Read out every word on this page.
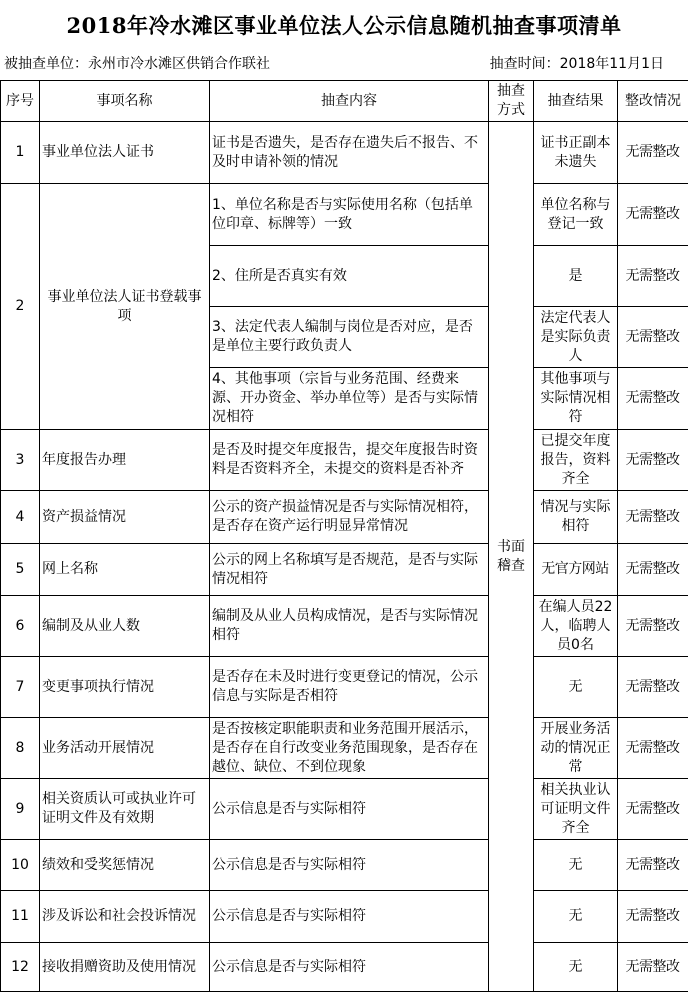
2018年冷水滩区事业单位法人公示信息随机抽查事项清单
被抽查单位：永州市冷水滩区供销合作联社	抽查时间：2018年11月1日
序号	事项名称	抽查内容	抽查方式	抽查结果	整改情况
1	事业单位法人证书	证书是否遗失，是否存在遗失后不报告、不及时申请补领的情况	书面稽查	证书正副本未遗失	无需整改
2	事业单位法人证书登载事项	1、单位名称是否与实际使用名称（包括单位印章、标牌等）一致		单位名称与登记一致	无需整改
		2、住所是否真实有效		是	无需整改
		3、法定代表人编制与岗位是否对应，是否是单位主要行政负责人		法定代表人是实际负责人	无需整改
		4、其他事项（宗旨与业务范围、经费来源、开办资金、举办单位等）是否与实际情况相符		其他事项与实际情况相符	无需整改
3	年度报告办理	是否及时提交年度报告，提交年度报告时资料是否资料齐全，未提交的资料是否补齐		已提交年度报告，资料齐全	无需整改
4	资产损益情况	公示的资产损益情况是否与实际情况相符，是否存在资产运行明显异常情况		情况与实际相符	无需整改
5	网上名称	公示的网上名称填写是否规范，是否与实际情况相符		无官方网站	无需整改
6	编制及从业人数	编制及从业人员构成情况，是否与实际情况相符		在编人员22人，临聘人员0名	无需整改
7	变更事项执行情况	是否存在未及时进行变更登记的情况，公示信息与实际是否相符		无	无需整改
8	业务活动开展情况	是否按核定职能职责和业务范围开展活示，是否存在自行改变业务范围现象，是否存在越位、缺位、不到位现象		开展业务活动的情况正常	无需整改
9	相关资质认可或执业许可证明文件及有效期	公示信息是否与实际相符		相关执业认可证明文件齐全	无需整改
10	绩效和受奖惩情况	公示信息是否与实际相符		无	无需整改
11	涉及诉讼和社会投诉情况	公示信息是否与实际相符		无	无需整改
12	接收捐赠资助及使用情况	公示信息是否与实际相符		无	无需整改
